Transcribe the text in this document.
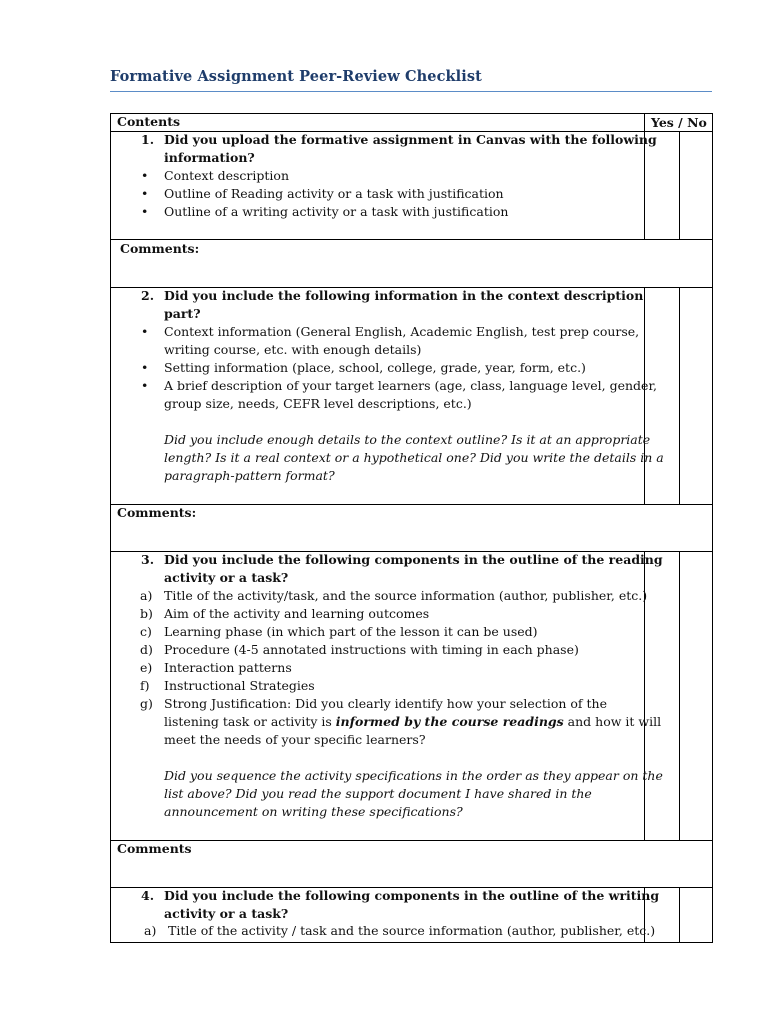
Formative Assignment Peer-Review Checklist
Contents	Yes / No
1. Did you upload the formative assignment in Canvas with the following
information?
• Context description
• Outline of Reading activity or a task with justification
• Outline of a writing activity or a task with justification
Comments:
2. Did you include the following information in the context description
part?
• Context information (General English, Academic English, test prep course,
writing course, etc. with enough details)
• Setting information (place, school, college, grade, year, form, etc.)
• A brief description of your target learners (age, class, language level, gender,
group size, needs, CEFR level descriptions, etc.)
Did you include enough details to the context outline? Is it at an appropriate
length? Is it a real context or a hypothetical one? Did you write the details in a
paragraph-pattern format?
Comments:
3. Did you include the following components in the outline of the reading
activity or a task?
a) Title of the activity/task, and the source information (author, publisher, etc.)
b) Aim of the activity and learning outcomes
c) Learning phase (in which part of the lesson it can be used)
d) Procedure (4-5 annotated instructions with timing in each phase)
e) Interaction patterns
f) Instructional Strategies
g) Strong Justification: Did you clearly identify how your selection of the
listening task or activity is informed by the course readings and how it will
meet the needs of your specific learners?
Did you sequence the activity specifications in the order as they appear on the
list above? Did you read the support document I have shared in the
announcement on writing these specifications?
Comments
4. Did you include the following components in the outline of the writing
activity or a task?
a) Title of the activity / task and the source information (author, publisher, etc.)
